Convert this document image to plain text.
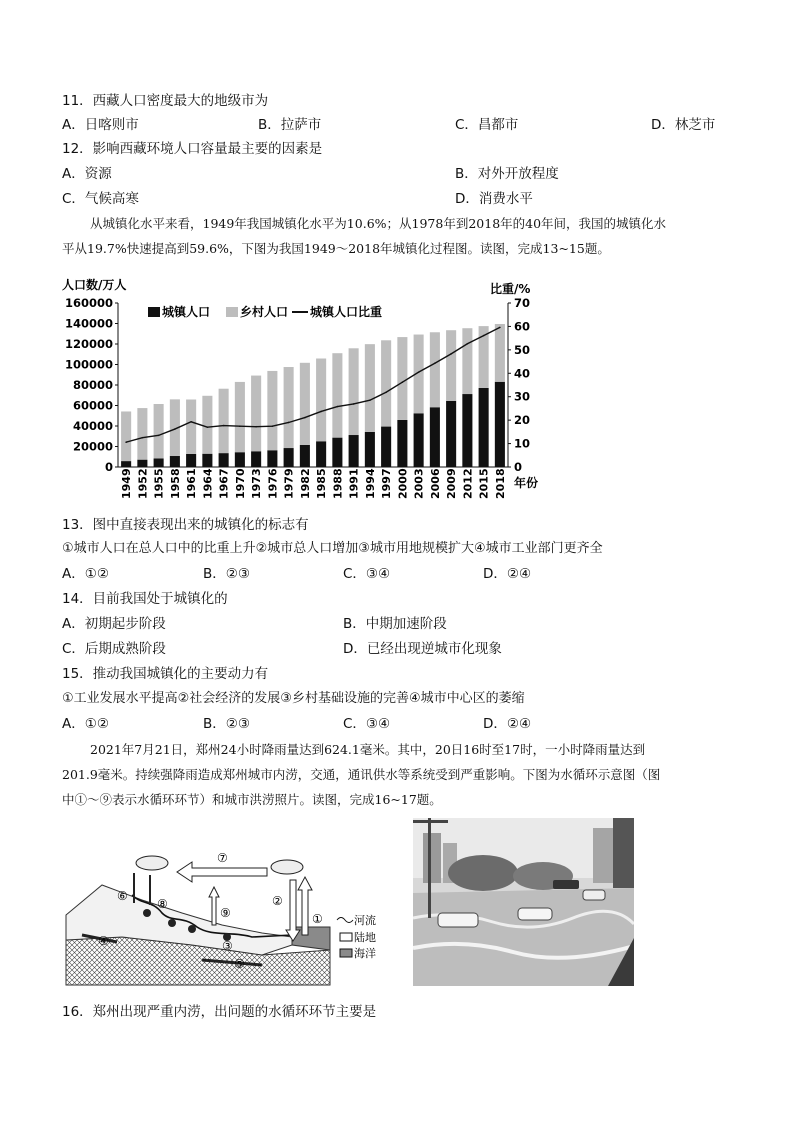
11．西藏人口密度最大的地级市为
A．日喀则市	B．拉萨市	C．昌都市	D．林芝市
12．影响西藏环境人口容量最主要的因素是
A．资源	B．对外开放程度
C．气候高寒	D．消费水平
从城镇化水平来看，1949年我国城镇化水平为10.6%；从1978年到2018年的40年间，我国的城镇化水
平从19.7%快速提高到59.6%，下图为我国1949～2018年城镇化过程图。读图，完成13~15题。
人口数/万人	比重/%
年份
0
20000
40000
60000
80000
100000
120000
140000
160000
0
10
20
30
40
50
60
70
1949 1952 1955 1958 1961 1964 1967 1970 1973 1976 1979 1982 1985 1988 1991 1994 1997 2000 2003 2006 2009 2012 2015 2018
城镇人口 乡村人口 城镇人口比重
13．图中直接表现出来的城镇化的标志有
①城市人口在总人口中的比重上升②城市总人口增加③城市用地规模扩大④城市工业部门更齐全
A．①②	B．②③	C．③④	D．②④
14．目前我国处于城镇化的
A．初期起步阶段	B．中期加速阶段
C．后期成熟阶段	D．已经出现逆城市化现象
15．推动我国城镇化的主要动力有
①工业发展水平提高②社会经济的发展③乡村基础设施的完善④城市中心区的萎缩
A．①②	B．②③	C．③④	D．②④
2021年7月21日，郑州24小时降雨量达到624.1毫米。其中，20日16时至17时，一小时降雨量达到
201.9毫米。持续强降雨造成郑州城市内涝，交通，通讯供水等系统受到严重影响。下图为水循环示意图（图
中①～⑨表示水循环环节）和城市洪涝照片。读图，完成16~17题。
①
②
③
④
⑤
⑥
⑦
⑧
⑨
河流
陆地
海洋
16．郑州出现严重内涝，出问题的水循环环节主要是
